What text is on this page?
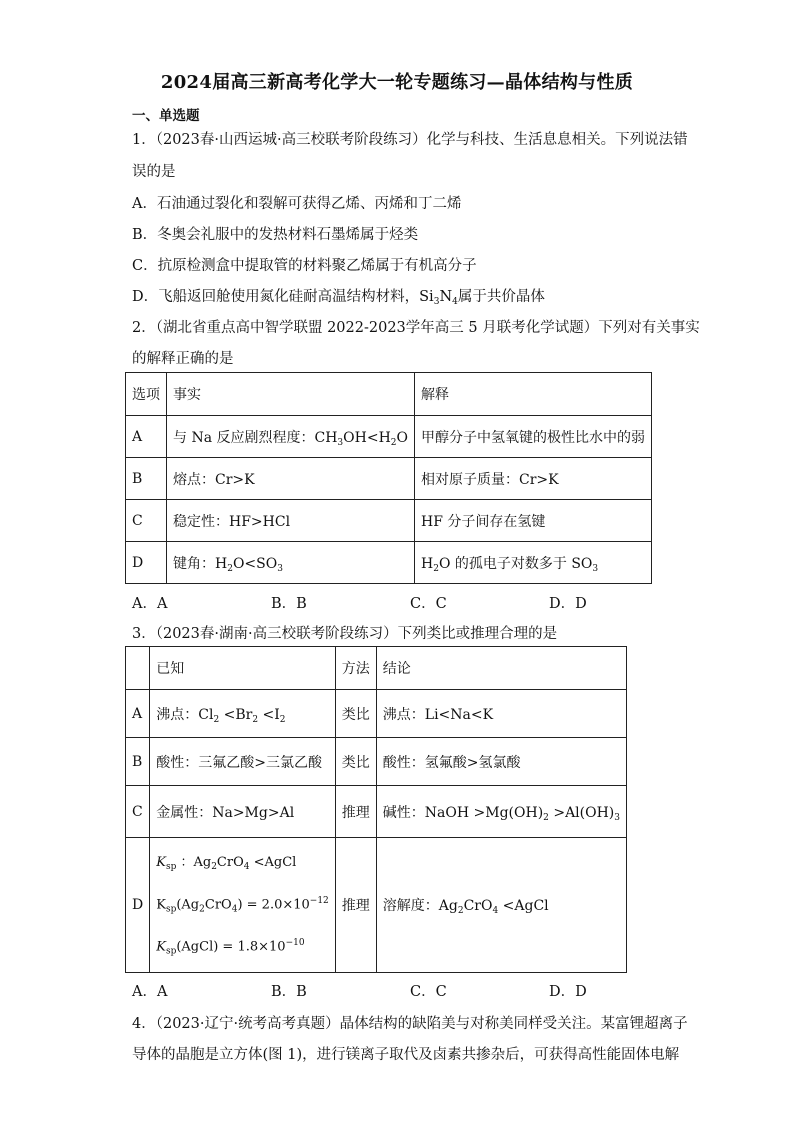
2024届高三新高考化学大一轮专题练习—晶体结构与性质
一、单选题
1．（2023春·山西运城·高三校联考阶段练习）化学与科技、生活息息相关。下列说法错
误的是
A．石油通过裂化和裂解可获得乙烯、丙烯和丁二烯
B．冬奥会礼服中的发热材料石墨烯属于烃类
C．抗原检测盒中提取管的材料聚乙烯属于有机高分子
D．飞船返回舱使用氮化硅耐高温结构材料，$Si_3N_4$属于共价晶体
2．（湖北省重点高中智学联盟 2022-2023学年高三 5 月联考化学试题）下列对有关事实
的解释正确的是
选项	事实	解释
A	与 Na 反应剧烈程度：$CH_3OH<H_2O$	甲醇分子中氢氧键的极性比水中的弱
B	熔点：Cr>K	相对原子质量：Cr>K
C	稳定性：HF>HCl	HF 分子间存在氢键
D	键角：$H_2O<SO_3$	$H_2O$ 的孤电子对数多于 $SO_3$
A．A	B．B	C．C	D．D
3．（2023春·湖南·高三校联考阶段练习）下列类比或推理合理的是
	已知	方法	结论
A	沸点：$Cl_2 <Br_2 <I_2$	类比	沸点：Li<Na<K
B	酸性：三氟乙酸>三氯乙酸	类比	酸性：氢氟酸>氢氯酸
C	金属性：Na>Mg>Al	推理	碱性：NaOH $>Mg(OH)_2 >Al(OH)_3$
D	$K_{sp}$ ：$Ag_2CrO_4$ <AgCl
$K_{sp}(Ag_2CrO_4) = 2.0\times 10^{-12}$
$K_{sp}(AgCl) = 1.8\times 10^{-10}$	推理	溶解度：$Ag_2CrO_4$ <AgCl
A．A	B．B	C．C	D．D
4．（2023·辽宁·统考高考真题）晶体结构的缺陷美与对称美同样受关注。某富锂超离子
导体的晶胞是立方体(图 1)，进行镁离子取代及卤素共掺杂后，可获得高性能固体电解
